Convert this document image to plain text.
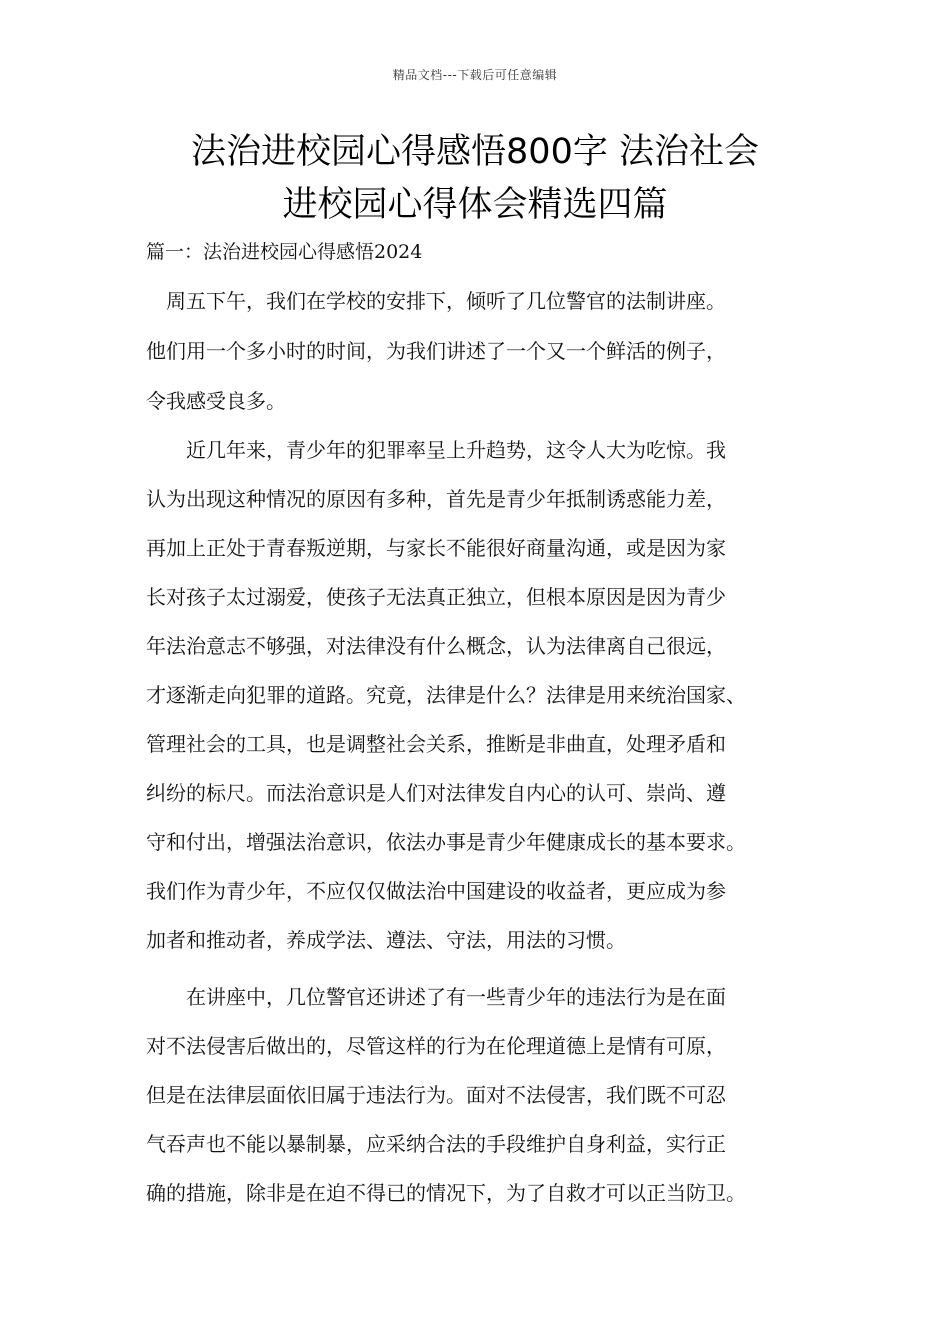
精品文档---下载后可任意编辑
法治进校园心得感悟800字 法治社会
进校园心得体会精选四篇
篇一：法治进校园心得感悟2024
　周五下午，我们在学校的安排下，倾听了几位警官的法制讲座。
他们用一个多小时的时间，为我们讲述了一个又一个鲜活的例子，
令我感受良多。
　　近几年来，青少年的犯罪率呈上升趋势，这令人大为吃惊。我
认为出现这种情况的原因有多种，首先是青少年抵制诱惑能力差，
再加上正处于青春叛逆期，与家长不能很好商量沟通，或是因为家
长对孩子太过溺爱，使孩子无法真正独立，但根本原因是因为青少
年法治意志不够强，对法律没有什么概念，认为法律离自己很远，
才逐渐走向犯罪的道路。究竟，法律是什么？法律是用来统治国家、
管理社会的工具，也是调整社会关系，推断是非曲直，处理矛盾和
纠纷的标尺。而法治意识是人们对法律发自内心的认可、崇尚、遵
守和付出，增强法治意识，依法办事是青少年健康成长的基本要求。
我们作为青少年，不应仅仅做法治中国建设的收益者，更应成为参
加者和推动者，养成学法、遵法、守法，用法的习惯。
　　在讲座中，几位警官还讲述了有一些青少年的违法行为是在面
对不法侵害后做出的，尽管这样的行为在伦理道德上是情有可原，
但是在法律层面依旧属于违法行为。面对不法侵害，我们既不可忍
气吞声也不能以暴制暴，应采纳合法的手段维护自身利益，实行正
确的措施，除非是在迫不得已的情况下，为了自救才可以正当防卫。
